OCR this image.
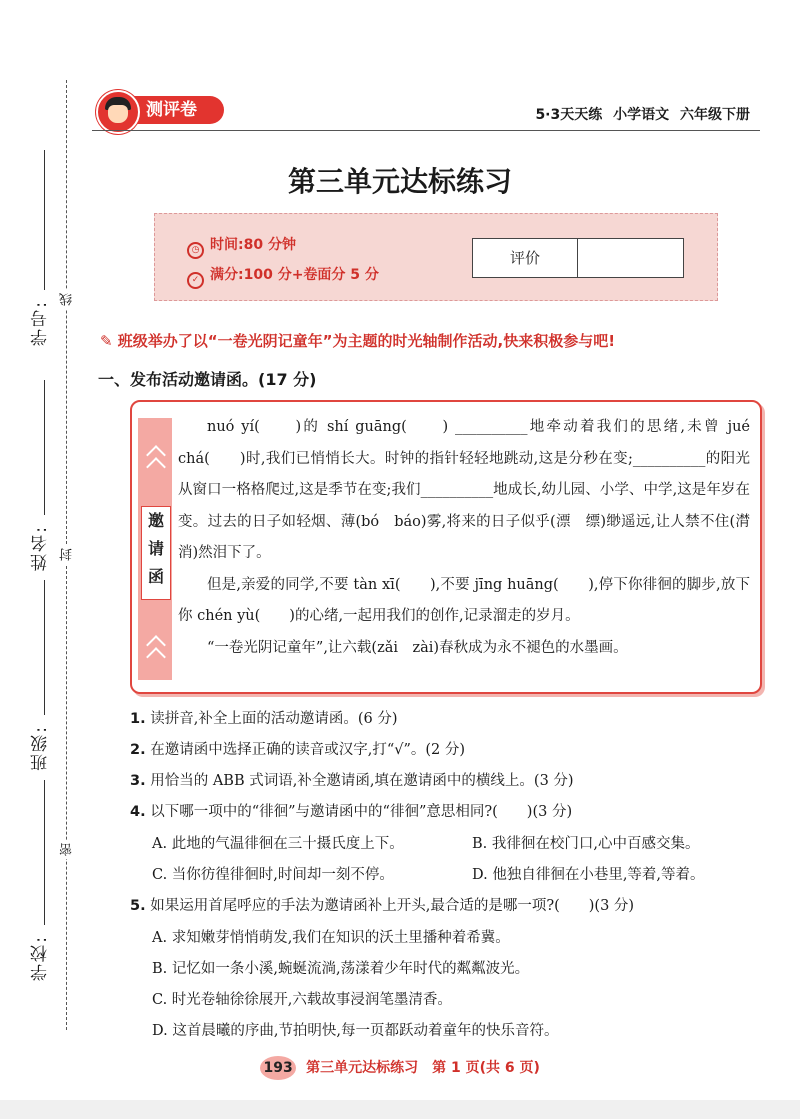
学号:
姓名:
班级:
学校:
线
封
密
测评卷	5·3天天练 小学语文 六年级下册
第三单元达标练习
◷ 时间:80 分钟
✓ 满分:100 分+卷面分 5 分
评价
✎ 班级举办了以“一卷光阴记童年”为主题的时光轴制作活动,快来积极参与吧!
一、发布活动邀请函。(17 分)
邀请函

nuó yí(　　)的 shí guāng(　　) __________地牵动着我们的思绪,未曾 jué chá(　　)时,我们已悄悄长大。时钟的指针轻轻地跳动,这是分秒在变;__________的阳光从窗口一格格爬过,这是季节在变;我们__________地成长,幼儿园、小学、中学,这是年岁在变。过去的日子如轻烟、薄(bó　báo)雾,将来的日子似乎(漂　缥)缈遥远,让人禁不住(潸　消)然泪下了。

但是,亲爱的同学,不要 tàn xī(　　),不要 jīng huāng(　　),停下你徘徊的脚步,放下你 chén yù(　　)的心绪,一起用我们的创作,记录溜走的岁月。

“一卷光阴记童年”,让六载(zǎi　zài)春秋成为永不褪色的水墨画。

1. 读拼音,补全上面的活动邀请函。(6 分)
2. 在邀请函中选择正确的读音或汉字,打“√”。(2 分)
3. 用恰当的 ABB 式词语,补全邀请函,填在邀请函中的横线上。(3 分)
4. 以下哪一项中的“徘徊”与邀请函中的“徘徊”意思相同?(　　)(3 分)
A. 此地的气温徘徊在三十摄氏度上下。	B. 我徘徊在校门口,心中百感交集。
C. 当你彷徨徘徊时,时间却一刻不停。	D. 他独自徘徊在小巷里,等着,等着。
5. 如果运用首尾呼应的手法为邀请函补上开头,最合适的是哪一项?(　　)(3 分)
A. 求知嫩芽悄悄萌发,我们在知识的沃土里播种着希冀。
B. 记忆如一条小溪,蜿蜒流淌,荡漾着少年时代的粼粼波光。
C. 时光卷轴徐徐展开,六载故事浸润笔墨清香。
D. 这首晨曦的序曲,节拍明快,每一页都跃动着童年的快乐音符。
193 第三单元达标练习　第 1 页(共 6 页)
